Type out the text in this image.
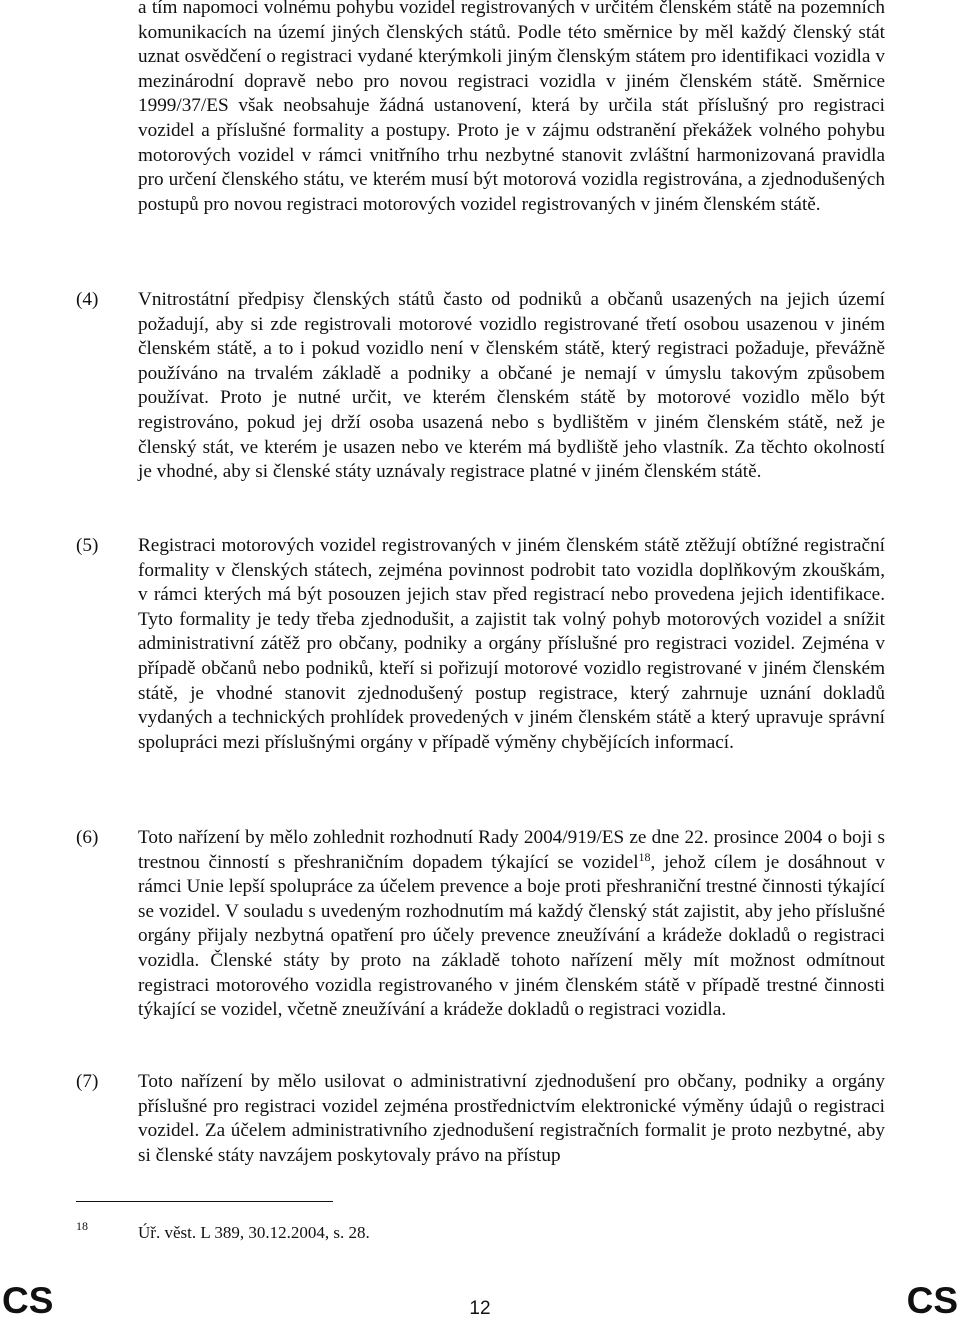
a tím napomoci volnému pohybu vozidel registrovaných v určitém členském státě na pozemních komunikacích na území jiných členských států. Podle této směrnice by měl každý členský stát uznat osvědčení o registraci vydané kterýmkoli jiným členským státem pro identifikaci vozidla v mezinárodní dopravě nebo pro novou registraci vozidla v jiném členském státě. Směrnice 1999/37/ES však neobsahuje žádná ustanovení, která by určila stát příslušný pro registraci vozidel a příslušné formality a postupy. Proto je v zájmu odstranění překážek volného pohybu motorových vozidel v rámci vnitřního trhu nezbytné stanovit zvláštní harmonizovaná pravidla pro určení členského státu, ve kterém musí být motorová vozidla registrována, a zjednodušených postupů pro novou registraci motorových vozidel registrovaných v jiném členském státě.
(4)	Vnitrostátní předpisy členských států často od podniků a občanů usazených na jejich území požadují, aby si zde registrovali motorové vozidlo registrované třetí osobou usazenou v jiném členském státě, a to i pokud vozidlo není v členském státě, který registraci požaduje, převážně používáno na trvalém základě a podniky a občané je nemají v úmyslu takovým způsobem používat. Proto je nutné určit, ve kterém členském státě by motorové vozidlo mělo být registrováno, pokud jej drží osoba usazená nebo s bydlištěm v jiném členském státě, než je členský stát, ve kterém je usazen nebo ve kterém má bydliště jeho vlastník. Za těchto okolností je vhodné, aby si členské státy uznávaly registrace platné v jiném členském státě.
(5)	Registraci motorových vozidel registrovaných v jiném členském státě ztěžují obtížné registrační formality v členských státech, zejména povinnost podrobit tato vozidla doplňkovým zkouškám, v rámci kterých má být posouzen jejich stav před registrací nebo provedena jejich identifikace. Tyto formality je tedy třeba zjednodušit, a zajistit tak volný pohyb motorových vozidel a snížit administrativní zátěž pro občany, podniky a orgány příslušné pro registraci vozidel. Zejména v případě občanů nebo podniků, kteří si pořizují motorové vozidlo registrované v jiném členském státě, je vhodné stanovit zjednodušený postup registrace, který zahrnuje uznání dokladů vydaných a technických prohlídek provedených v jiném členském státě a který upravuje správní spolupráci mezi příslušnými orgány v případě výměny chybějících informací.
(6)	Toto nařízení by mělo zohlednit rozhodnutí Rady 2004/919/ES ze dne 22. prosince 2004 o boji s trestnou činností s přeshraničním dopadem týkající se vozidel$^{18}$, jehož cílem je dosáhnout v rámci Unie lepší spolupráce za účelem prevence a boje proti přeshraniční trestné činnosti týkající se vozidel. V souladu s uvedeným rozhodnutím má každý členský stát zajistit, aby jeho příslušné orgány přijaly nezbytná opatření pro účely prevence zneužívání a krádeže dokladů o registraci vozidla. Členské státy by proto na základě tohoto nařízení měly mít možnost odmítnout registraci motorového vozidla registrovaného v jiném členském státě v případě trestné činnosti týkající se vozidel, včetně zneužívání a krádeže dokladů o registraci vozidla.
(7)	Toto nařízení by mělo usilovat o administrativní zjednodušení pro občany, podniky a orgány příslušné pro registraci vozidel zejména prostřednictvím elektronické výměny údajů o registraci vozidel. Za účelem administrativního zjednodušení registračních formalit je proto nezbytné, aby si členské státy navzájem poskytovaly právo na přístup
18	Úř. věst. L 389, 30.12.2004, s. 28.
CS	12	CS
